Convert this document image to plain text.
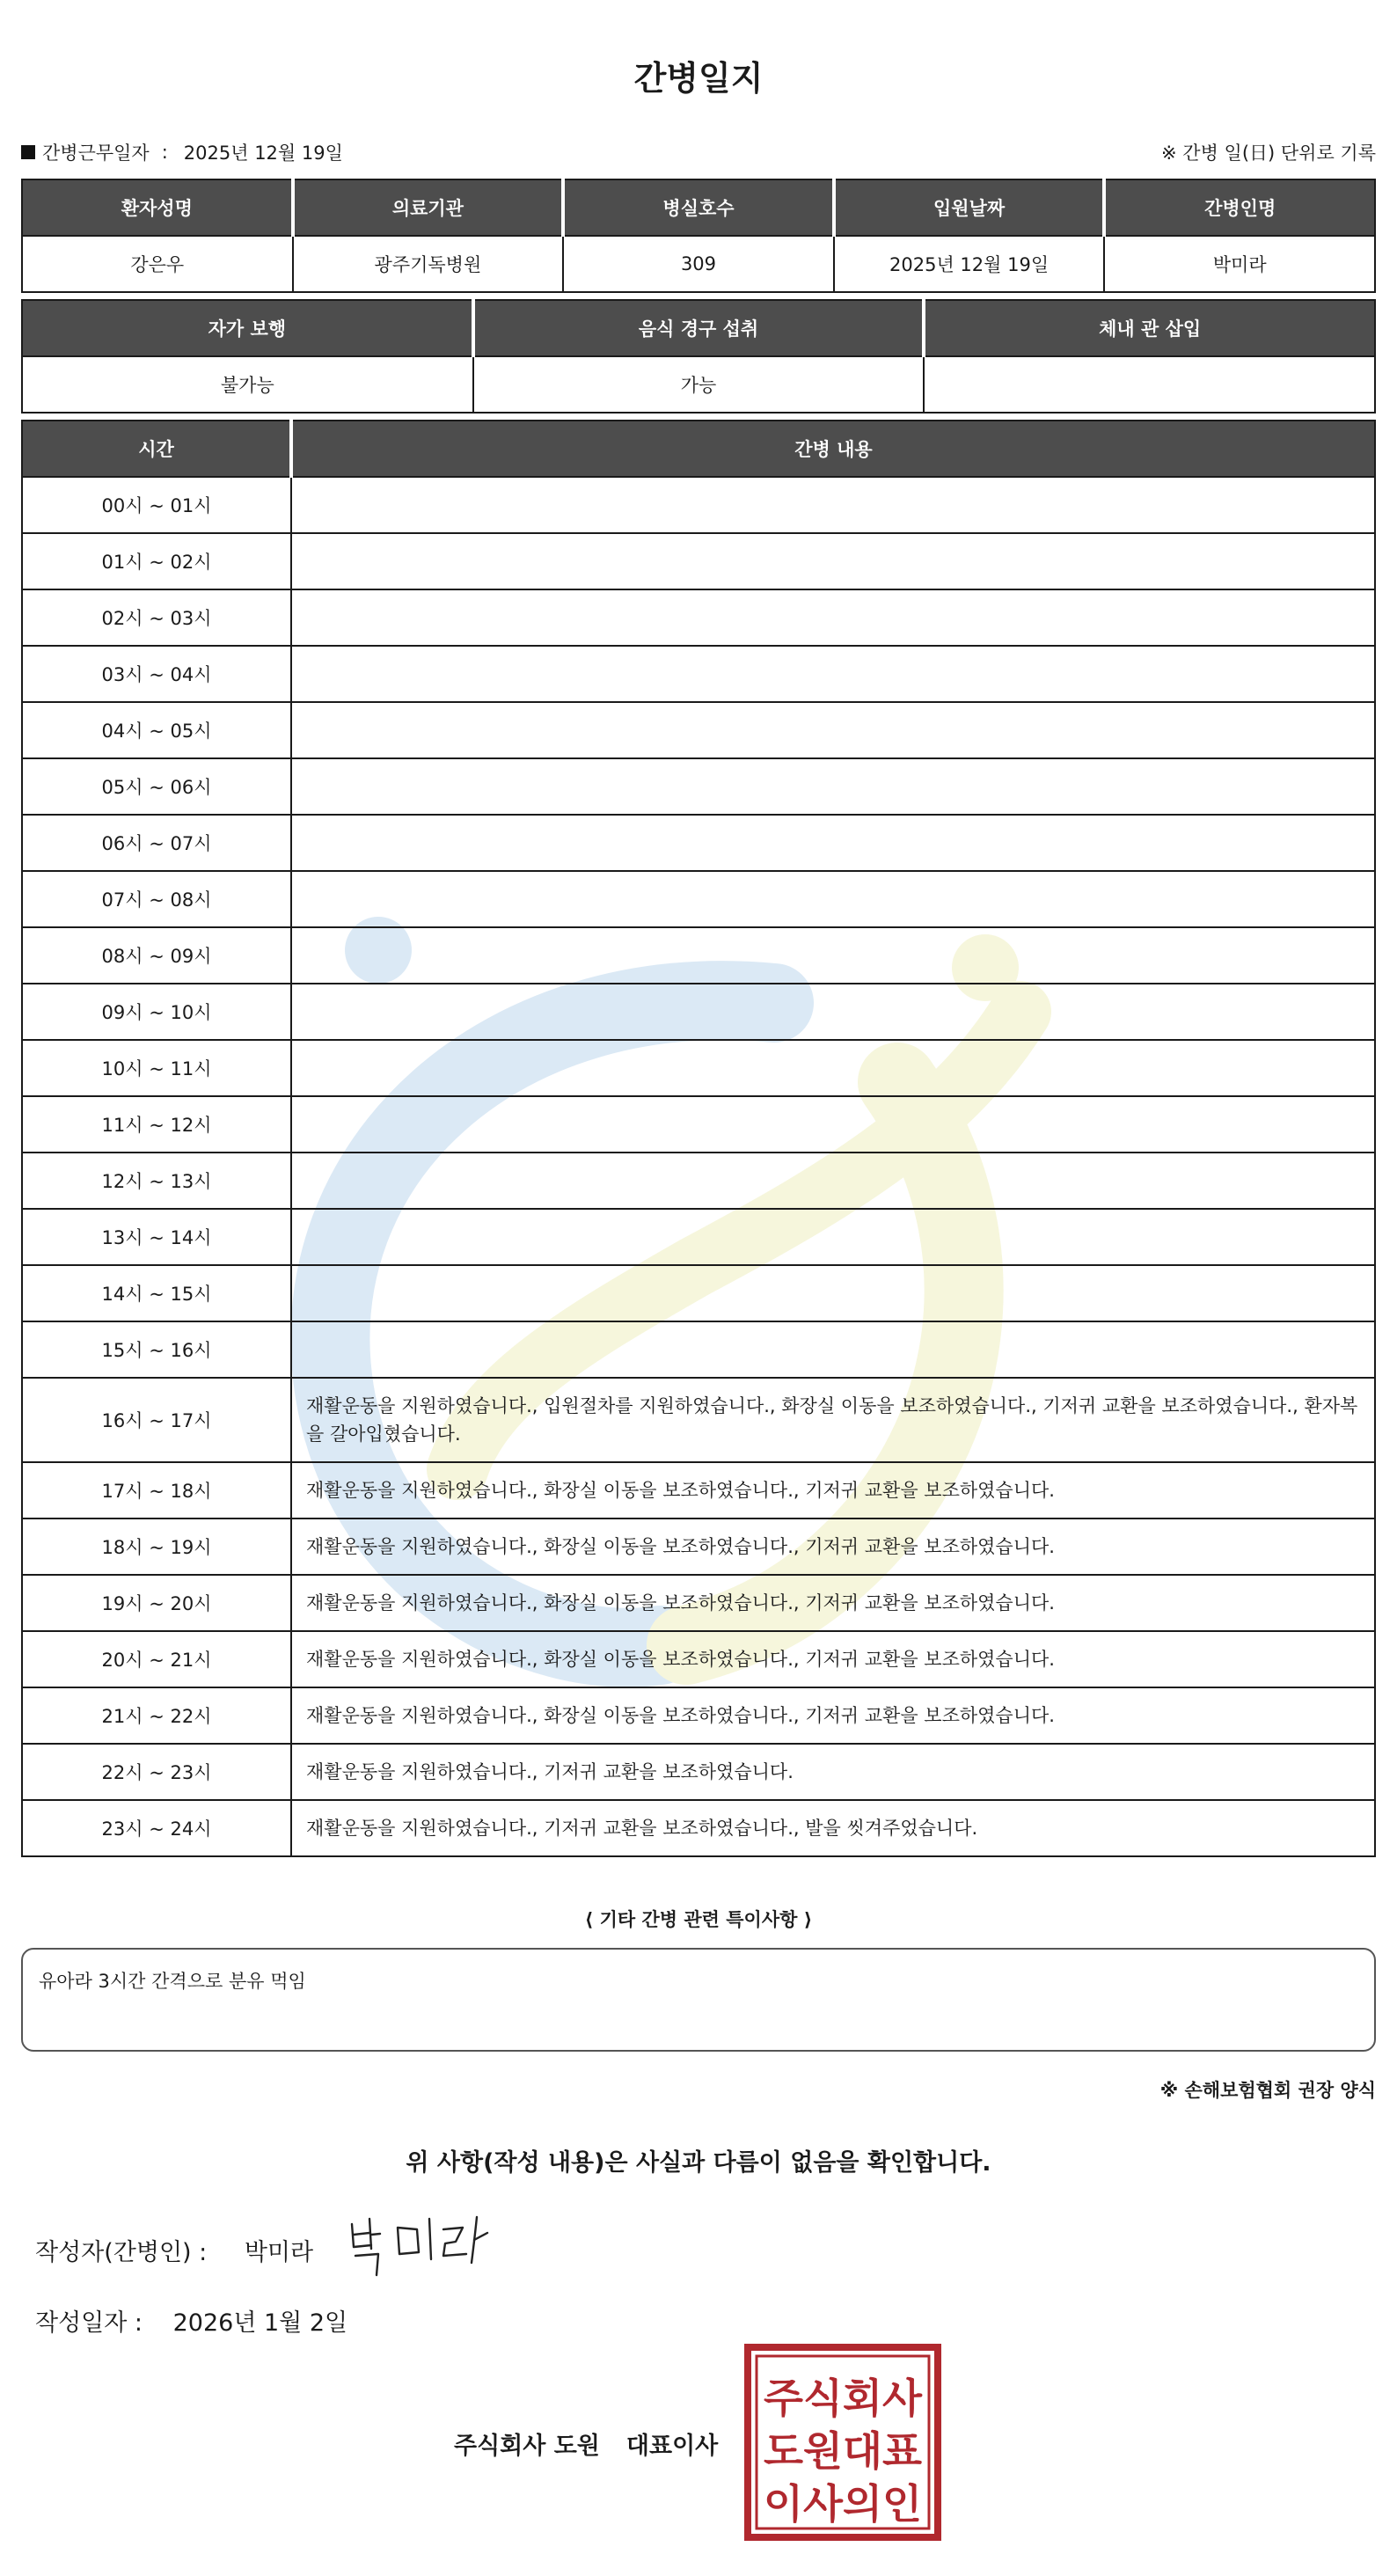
간병일지
간병근무일자 : 2025년 12월 19일	※ 간병 일(日) 단위로 기록
환자성명	의료기관	병실호수	입원날짜	간병인명
강은우	광주기독병원	309	2025년 12월 19일	박미라
자가 보행	음식 경구 섭취	체내 관 삽입
불가능	가능	
시간	간병 내용
00시 ~ 01시	
01시 ~ 02시	
02시 ~ 03시	
03시 ~ 04시	
04시 ~ 05시	
05시 ~ 06시	
06시 ~ 07시	
07시 ~ 08시	
08시 ~ 09시	
09시 ~ 10시	
10시 ~ 11시	
11시 ~ 12시	
12시 ~ 13시	
13시 ~ 14시	
14시 ~ 15시	
15시 ~ 16시	
16시 ~ 17시	재활운동을 지원하였습니다., 입원절차를 지원하였습니다., 화장실 이동을 보조하였습니다., 기저귀 교환을 보조하였습니다., 환자복을 갈아입혔습니다.
17시 ~ 18시	재활운동을 지원하였습니다., 화장실 이동을 보조하였습니다., 기저귀 교환을 보조하였습니다.
18시 ~ 19시	재활운동을 지원하였습니다., 화장실 이동을 보조하였습니다., 기저귀 교환을 보조하였습니다.
19시 ~ 20시	재활운동을 지원하였습니다., 화장실 이동을 보조하였습니다., 기저귀 교환을 보조하였습니다.
20시 ~ 21시	재활운동을 지원하였습니다., 화장실 이동을 보조하였습니다., 기저귀 교환을 보조하였습니다.
21시 ~ 22시	재활운동을 지원하였습니다., 화장실 이동을 보조하였습니다., 기저귀 교환을 보조하였습니다.
22시 ~ 23시	재활운동을 지원하였습니다., 기저귀 교환을 보조하였습니다.
23시 ~ 24시	재활운동을 지원하였습니다., 기저귀 교환을 보조하였습니다., 발을 씻겨주었습니다.
⟨ 기타 간병 관련 특이사항 ⟩
유아라 3시간 간격으로 분유 먹임
※ 손해보험협회 권장 양식
위 사항(작성 내용)은 사실과 다름이 없음을 확인합니다.
작성자(간병인) : 박미라
작성일자 : 2026년 1월 2일
주식회사 도원 대표이사
주식회사
도원대표
이사의인
